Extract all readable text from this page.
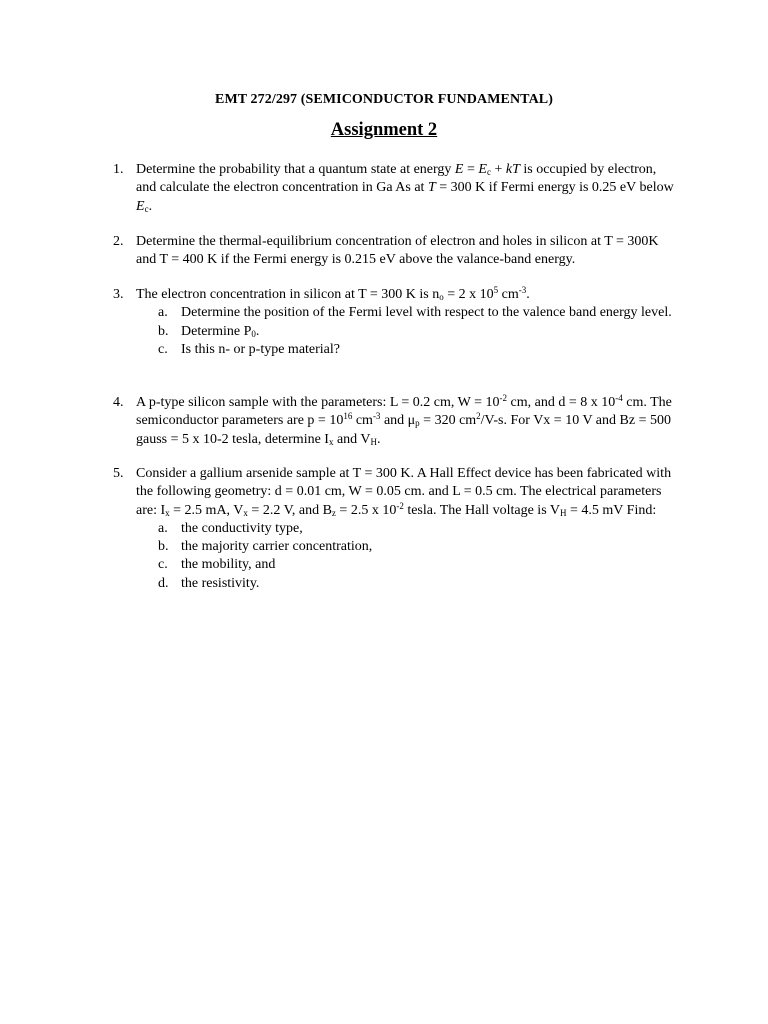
EMT 272/297 (SEMICONDUCTOR FUNDAMENTAL)
Assignment 2
1. Determine the probability that a quantum state at energy $E = E_c$ + kT is occupied by electron, and calculate the electron concentration in Ga As at T = 300 K if Fermi energy is 0.25 eV below $E_c$.
2. Determine the thermal-equilibrium concentration of electron and holes in silicon at T = 300K and T = 400 K if the Fermi energy is 0.215 eV above the valance-band energy.
3. The electron concentration in silicon at T = 300 K is $n_o = 2$ x $10^5$ $cm^{-3}$.
a. Determine the position of the Fermi level with respect to the valence band energy level.
b. Determine $P_0$.
c. Is this n- or p-type material?
4. A p-type silicon sample with the parameters: L = 0.2 cm, $W = 10^{-2}$ cm, and d = 8 x $10^{-4}$ cm. The semiconductor parameters are $p = 10^{16}$ $cm^{-3}$ and $\mu_p = 320$ $cm^2/V-s$. For Vx = 10 V and Bz = 500 gauss = 5 x 10-2 tesla, determine $I_x$ and $V_H$.
5. Consider a gallium arsenide sample at T = 300 K. A Hall Effect device has been fabricated with the following geometry: d = 0.01 cm, W = 0.05 cm. and L = 0.5 cm. The electrical parameters are: $I_x = 2.5$ mA, $V_x = 2.2$ V, and $B_z = 2.5$ x $10^{-2}$ tesla. The Hall voltage is $V_H = 4.5$ mV Find:
a. the conductivity type,
b. the majority carrier concentration,
c. the mobility, and
d. the resistivity.
